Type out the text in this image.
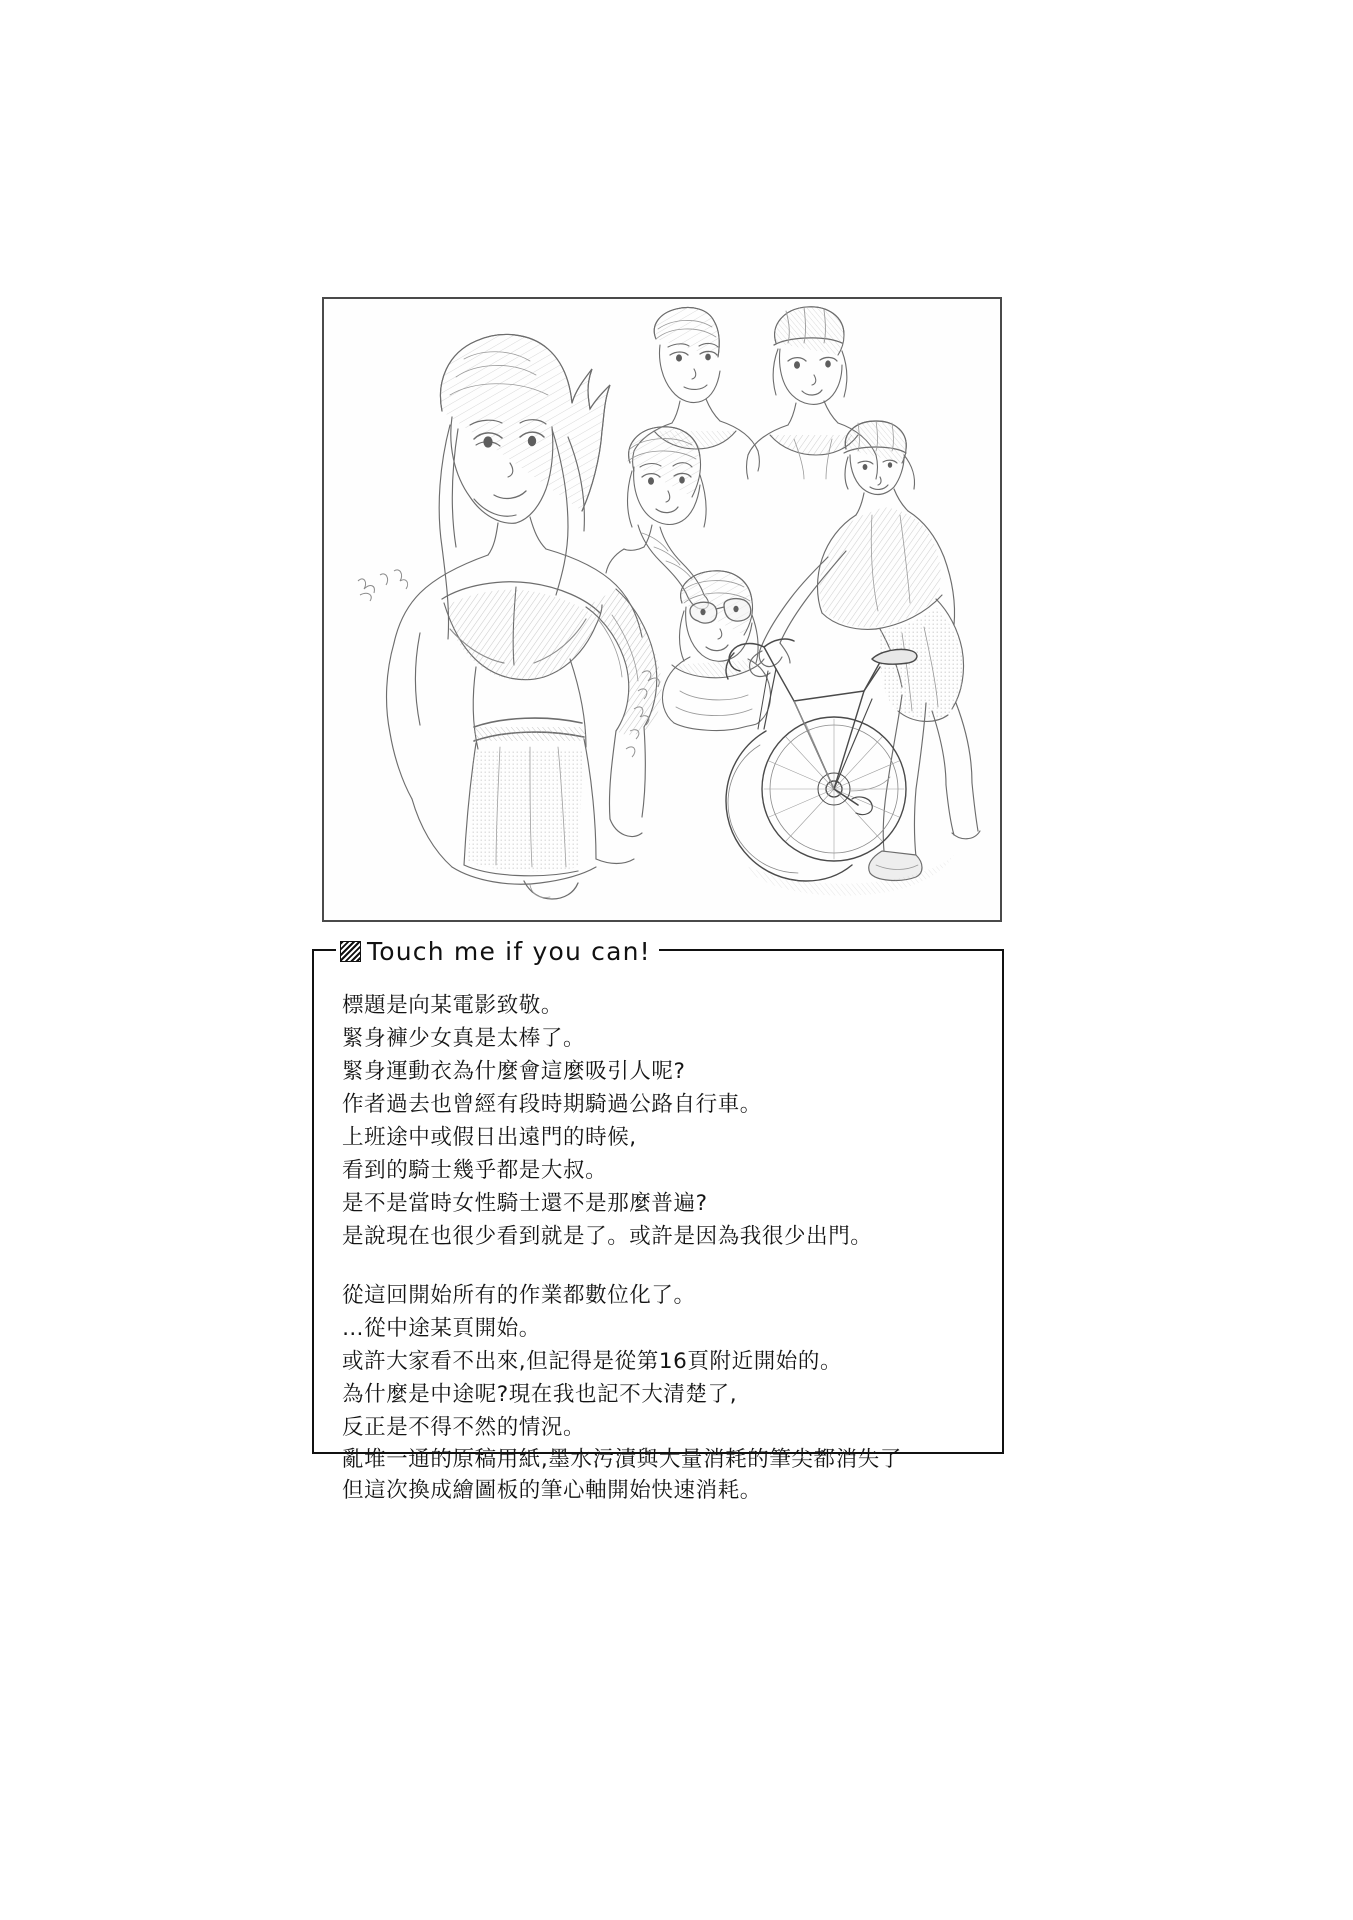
Touch me if you can!
標題是向某電影致敬。
緊身褲少女真是太棒了。
緊身運動衣為什麼會這麼吸引人呢?
作者過去也曾經有段時期騎過公路自行車。
上班途中或假日出遠門的時候,
看到的騎士幾乎都是大叔。
是不是當時女性騎士還不是那麼普遍?
是說現在也很少看到就是了。或許是因為我很少出門。
從這回開始所有的作業都數位化了。
…從中途某頁開始。
或許大家看不出來,但記得是從第16頁附近開始的。
為什麼是中途呢?現在我也記不大清楚了,
反正是不得不然的情況。
亂堆一通的原稿用紙,墨水污漬與大量消耗的筆尖都消失了
但這次換成繪圖板的筆心軸開始快速消耗。
